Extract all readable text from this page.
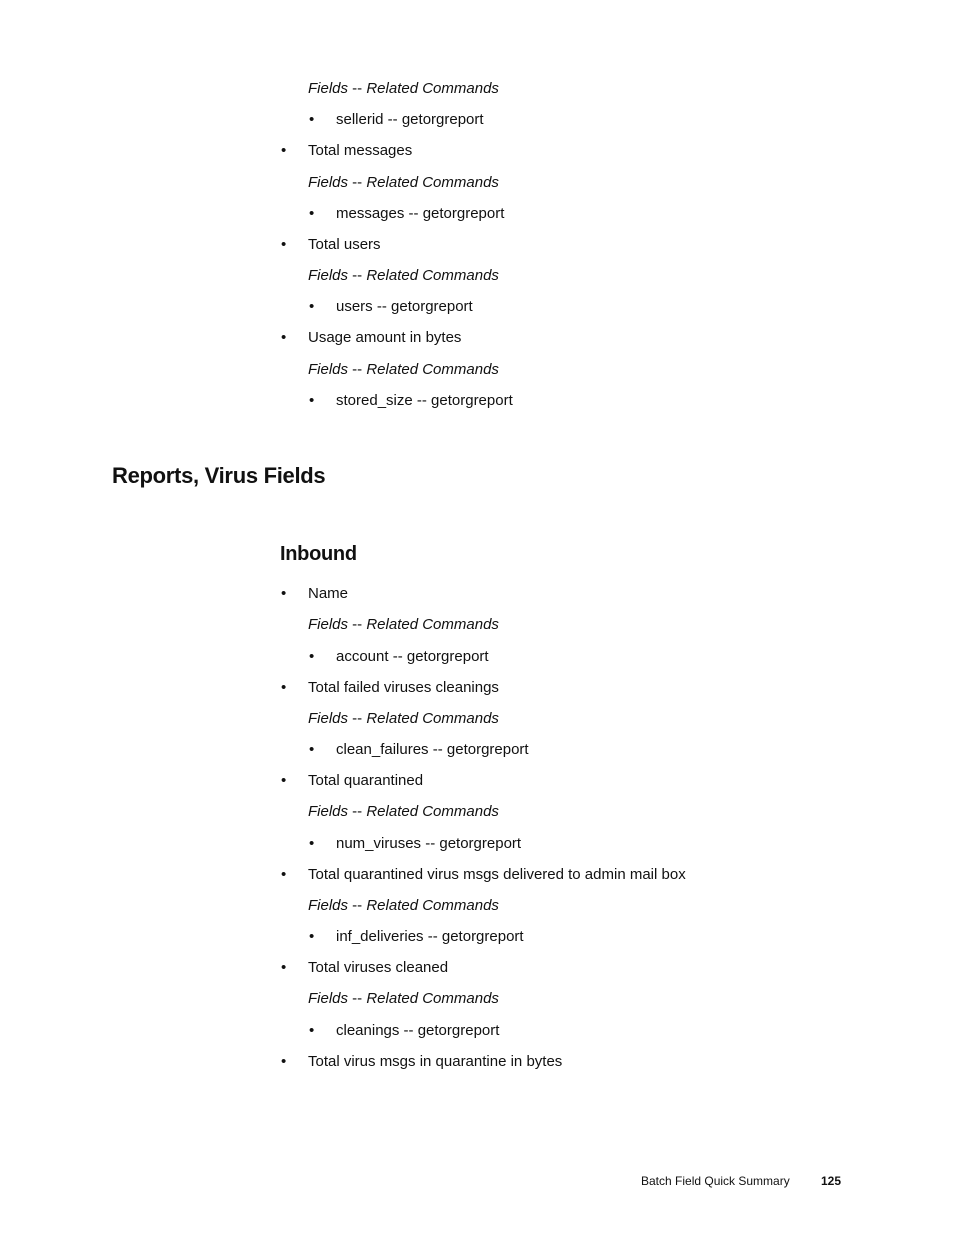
Fields -- Related Commands
• sellerid -- getorgreport
• Total messages
Fields -- Related Commands
• messages -- getorgreport
• Total users
Fields -- Related Commands
• users -- getorgreport
• Usage amount in bytes
Fields -- Related Commands
• stored_size -- getorgreport
Reports, Virus Fields
Inbound
• Name
Fields -- Related Commands
• account -- getorgreport
• Total failed viruses cleanings
Fields -- Related Commands
• clean_failures -- getorgreport
• Total quarantined
Fields -- Related Commands
• num_viruses -- getorgreport
• Total quarantined virus msgs delivered to admin mail box
Fields -- Related Commands
• inf_deliveries -- getorgreport
• Total viruses cleaned
Fields -- Related Commands
• cleanings -- getorgreport
• Total virus msgs in quarantine in bytes
Batch Field Quick Summary	125
